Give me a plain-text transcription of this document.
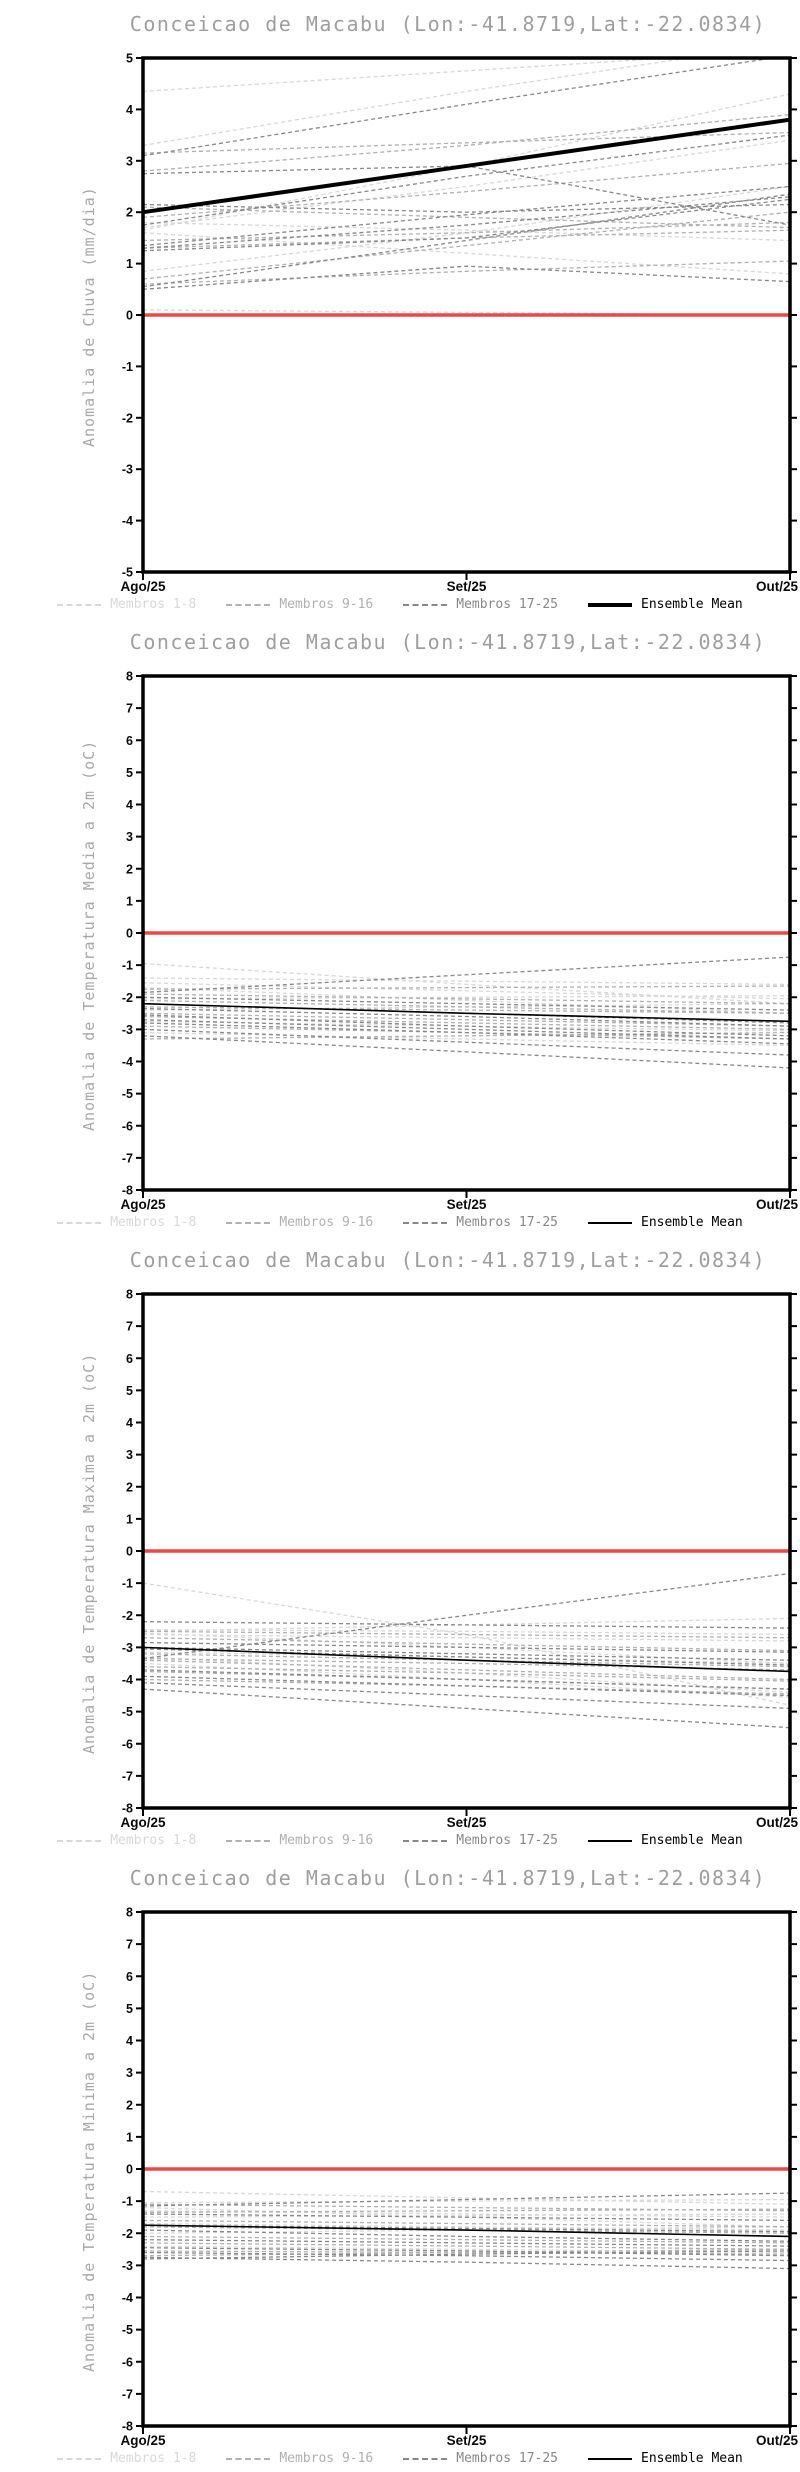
Conceicao de Macabu (Lon:-41.8719,Lat:-22.0834)
Anomalia de Chuva (mm/dia)
-5
-4
-3
-2
-1
0
1
2
3
4
5
Ago/25	Set/25	Out/25
Membros 1-8	Membros 9-16	Membros 17-25	Ensemble Mean
Conceicao de Macabu (Lon:-41.8719,Lat:-22.0834)
Anomalia de Temperatura Media a 2m (oC)
-8
-7
-6
-5
-4
-3
-2
-1
0
1
2
3
4
5
6
7
8
Ago/25	Set/25	Out/25
Membros 1-8	Membros 9-16	Membros 17-25	Ensemble Mean
Conceicao de Macabu (Lon:-41.8719,Lat:-22.0834)
Anomalia de Temperatura Maxima a 2m (oC)
-8
-7
-6
-5
-4
-3
-2
-1
0
1
2
3
4
5
6
7
8
Ago/25	Set/25	Out/25
Membros 1-8	Membros 9-16	Membros 17-25	Ensemble Mean
Conceicao de Macabu (Lon:-41.8719,Lat:-22.0834)
Anomalia de Temperatura Minima a 2m (oC)
-8
-7
-6
-5
-4
-3
-2
-1
0
1
2
3
4
5
6
7
8
Ago/25	Set/25	Out/25
Membros 1-8	Membros 9-16	Membros 17-25	Ensemble Mean
